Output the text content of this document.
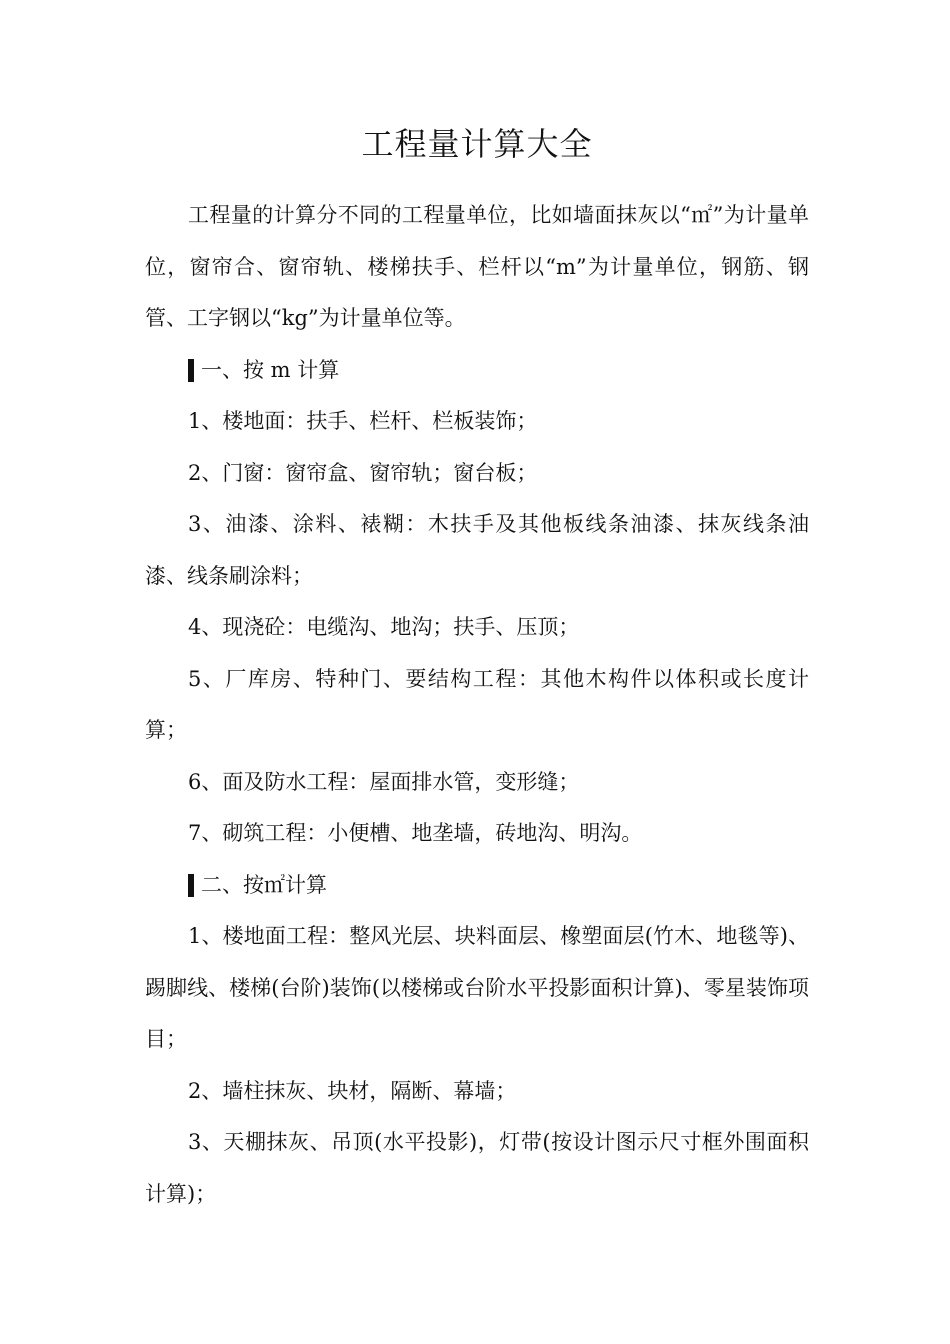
工程量计算大全

工程量的计算分不同的工程量单位，比如墙面抹灰以“㎡”为计量单位，窗帘合、窗帘轨、楼梯扶手、栏杆以“m”为计量单位，钢筋、钢管、工字钢以“kg”为计量单位等。

一、按 m 计算

1、楼地面：扶手、栏杆、栏板装饰；

2、门窗：窗帘盒、窗帘轨；窗台板；

3、油漆、涂料、裱糊：木扶手及其他板线条油漆、抹灰线条油漆、线条刷涂料；

4、现浇砼：电缆沟、地沟；扶手、压顶；

5、厂库房、特种门、要结构工程：其他木构件以体积或长度计算；

6、面及防水工程：屋面排水管，变形缝；

7、砌筑工程：小便槽、地垄墙，砖地沟、明沟。

二、按㎡计算

1、楼地面工程：整风光层、块料面层、橡塑面层(竹木、地毯等)、踢脚线、楼梯(台阶)装饰(以楼梯或台阶水平投影面积计算)、零星装饰项目；

2、墙柱抹灰、块材，隔断、幕墙；

3、天棚抹灰、吊顶(水平投影)，灯带(按设计图示尺寸框外围面积计算)；
